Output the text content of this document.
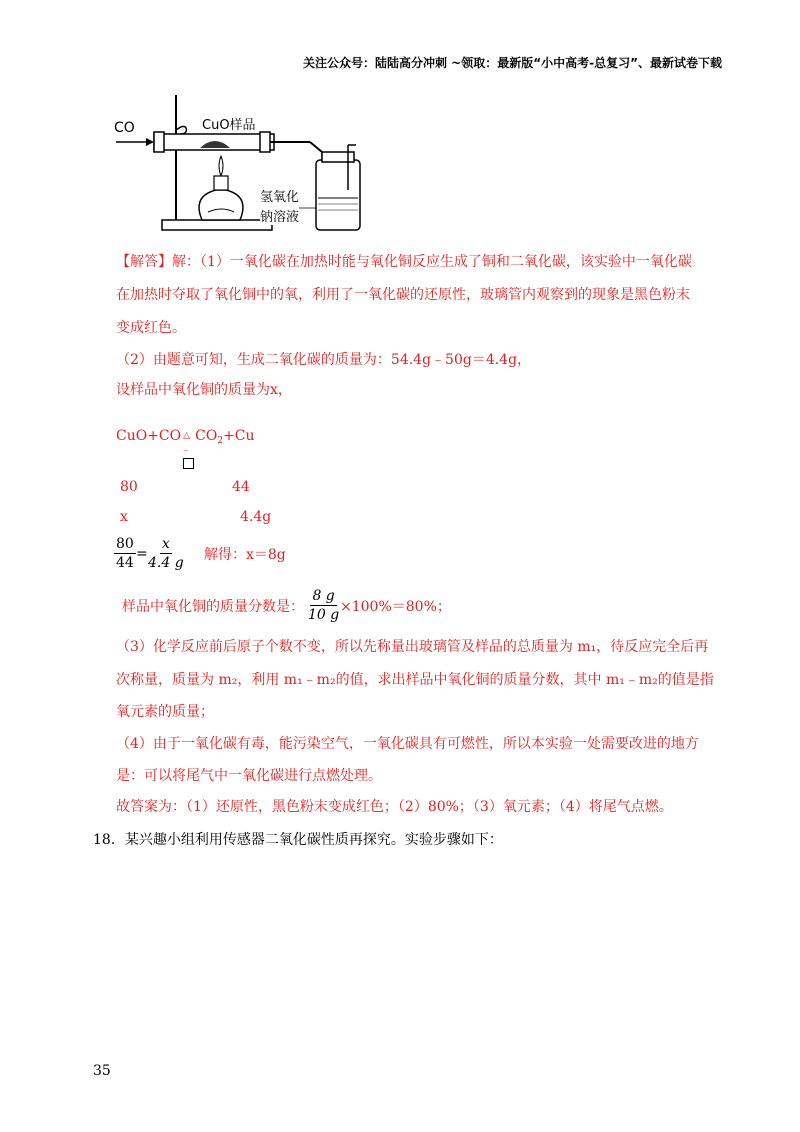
关注公众号：陆陆高分冲刺 ~领取：最新版“小中高考-总复习”、最新试卷下载
CO	CuO样品
氢氧化
钠溶液
【解答】解：（1）一氧化碳在加热时能与氧化铜反应生成了铜和二氧化碳，该实验中一氧化碳
在加热时夺取了氧化铜中的氧，利用了一氧化碳的还原性，玻璃管内观察到的现象是黑色粉末
变成红色。
（2）由题意可知，生成二氧化碳的质量为：54.4g﹣50g＝4.4g，
设样品中氧化铜的质量为x，
CuO+CO △
⁻
$CO_2+Cu$
80	44
x	4.4g
$\frac{80}{44}$ =
$\frac{x}{4.4 g}$ 解得：x＝8g
样品中氧化铜的质量分数是： $\frac{8 g}{10 g}$
×100%＝80%；
（3）化学反应前后原子个数不变，所以先称量出玻璃管及样品的总质量为 m₁，待反应完全后再
次称量，质量为 m₂，利用 m₁﹣m₂的值，求出样品中氧化铜的质量分数，其中 m₁﹣m₂的值是指
氧元素的质量；
（4）由于一氧化碳有毒，能污染空气，一氧化碳具有可燃性，所以本实验一处需要改进的地方
是：可以将尾气中一氧化碳进行点燃处理。
故答案为：（1）还原性，黑色粉末变成红色；（2）80%；（3）氧元素；（4）将尾气点燃。
18．某兴趣小组利用传感器二氧化碳性质再探究。实验步骤如下：
35
